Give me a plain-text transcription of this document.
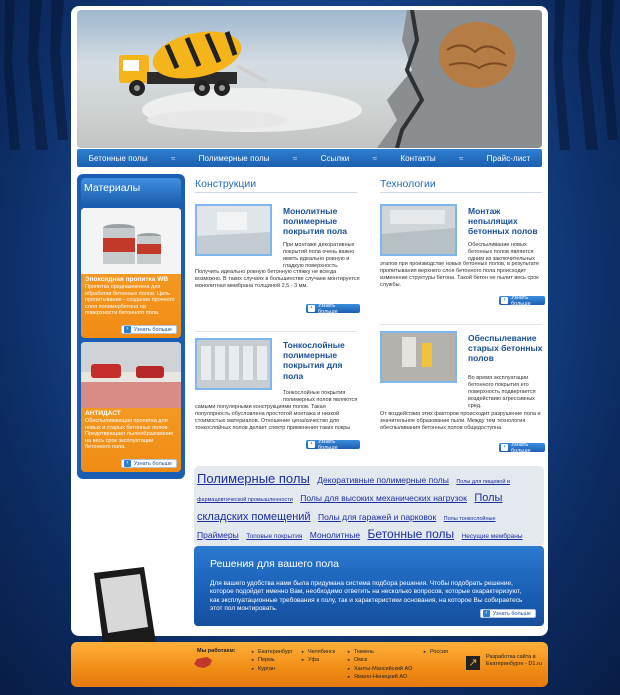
Бетонные полы	≈	Полимерные полы	≈	Ссылки	≈	Контакты	≈	Прайс-лист
Материалы
Эпоксидная пропитка WB

Пропитка предназначена для обработки бетонных полов. Цель пропитывания - создание прочного слоя полимербетона на поверхности бетонного пола.

› Узнать больше
АНТИДАСТ

Обеспыливающая пропитка для новых и старых бетонных полов. Предотвращает пылеобразование на весь срок эксплуатации бетонного пола.

› Узнать больше
Конструкции	Технологии
Монолитные полимерные покрытия пола
При монтаже декоративных покрытий пола очень важно иметь идеально ровную и гладкую поверхность.
Получить идеально ровную бетонную стяжку не всегда возможно. В таких случаях в большинстве случаев монтируется монолитная мембрана толщиной 2,5 - 3 мм.
› Узнать больше
Монтаж непылящих бетонных полов
Обеспыливание новых бетонных полов является одним из заключительных
этапов при производстве новых бетонных полов, в результате пропитывания верхнего слоя бетонного пола происходит изменение структуры бетона. Такой бетон не пылит весь срок службы.
› Узнать больше
Тонкослойные полимерные покрытия для пола
Тонкослойные покрытия полимерных полов являются
самыми популярными конструкциями полов. Такая популярность обусловлена простотой монтажа и низкой стоимостью материалов. Отношение цена/качество для тонкослойных полов делает спектр применения таких покры
› Узнать больше
Обеспылевание старых бетонных полов
Во время эксплуатации бетонного покрытия его поверхность подвергается воздействию агрессивных сред.
От воздействия этих факторов происходит разрушение пола и значительное образование пыли. Между тем технология обеспыливания бетонных полов общедоступна.
› Узнать больше
Полимерные полы Декоративные полимерные полы Полы для пищевой и фармацевтической промышленности Полы для высоких механических нагрузок Полы складских помещений Полы для гаражей и парковок Полы тонкослойные Праймеры Топовые покрытия Монолитные Бетонные полы Несущие мембраны
Решения для вашего пола

Для вашего удобства нами была придумана система подбора решения. Чтобы подобрать решение, которое подойдет именно Вам, необходимо ответить на несколько вопросов, которые охарактеризуют, как эксплуатационные требования к полу, так и характеристики основания, на которое Вы собираетесь этот пол монтировать.

› Узнать больше
Мы работаем:
►	Екатеринбург
► Пермь
► Курган
► Челябинск
► Уфа
► Тюмень
► Омск
► Ханты-Мансийский АО
► Ямало-Ненецкий АО
► Россия
↗	Разработка сайта в
Екатеринбурге - D1.ru
